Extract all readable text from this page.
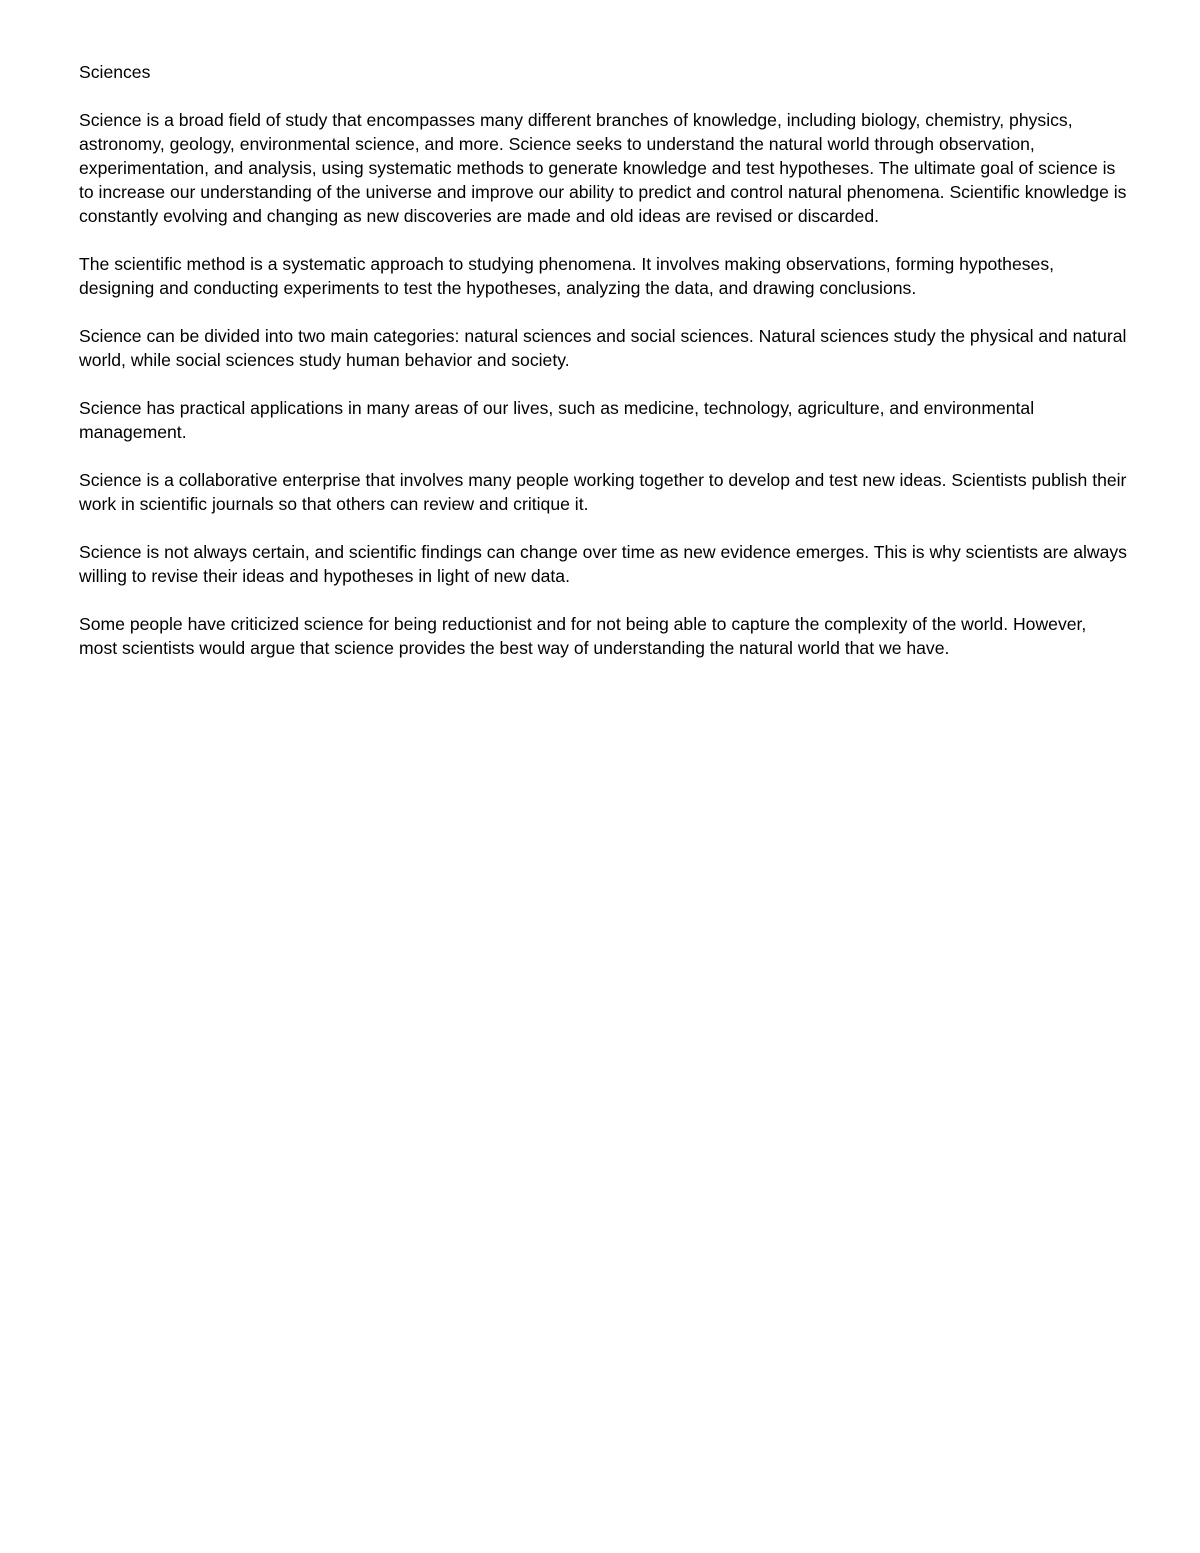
Sciences

Science is a broad field of study that encompasses many different branches of knowledge, including biology, chemistry, physics, astronomy, geology, environmental science, and more. Science seeks to understand the natural world through observation, experimentation, and analysis, using systematic methods to generate knowledge and test hypotheses. The ultimate goal of science is to increase our understanding of the universe and improve our ability to predict and control natural phenomena. Scientific knowledge is constantly evolving and changing as new discoveries are made and old ideas are revised or discarded.

The scientific method is a systematic approach to studying phenomena. It involves making observations, forming hypotheses, designing and conducting experiments to test the hypotheses, analyzing the data, and drawing conclusions.

Science can be divided into two main categories: natural sciences and social sciences. Natural sciences study the physical and natural world, while social sciences study human behavior and society.

Science has practical applications in many areas of our lives, such as medicine, technology, agriculture, and environmental management.

Science is a collaborative enterprise that involves many people working together to develop and test new ideas. Scientists publish their work in scientific journals so that others can review and critique it.

Science is not always certain, and scientific findings can change over time as new evidence emerges. This is why scientists are always willing to revise their ideas and hypotheses in light of new data.

Some people have criticized science for being reductionist and for not being able to capture the complexity of the world. However, most scientists would argue that science provides the best way of understanding the natural world that we have.
